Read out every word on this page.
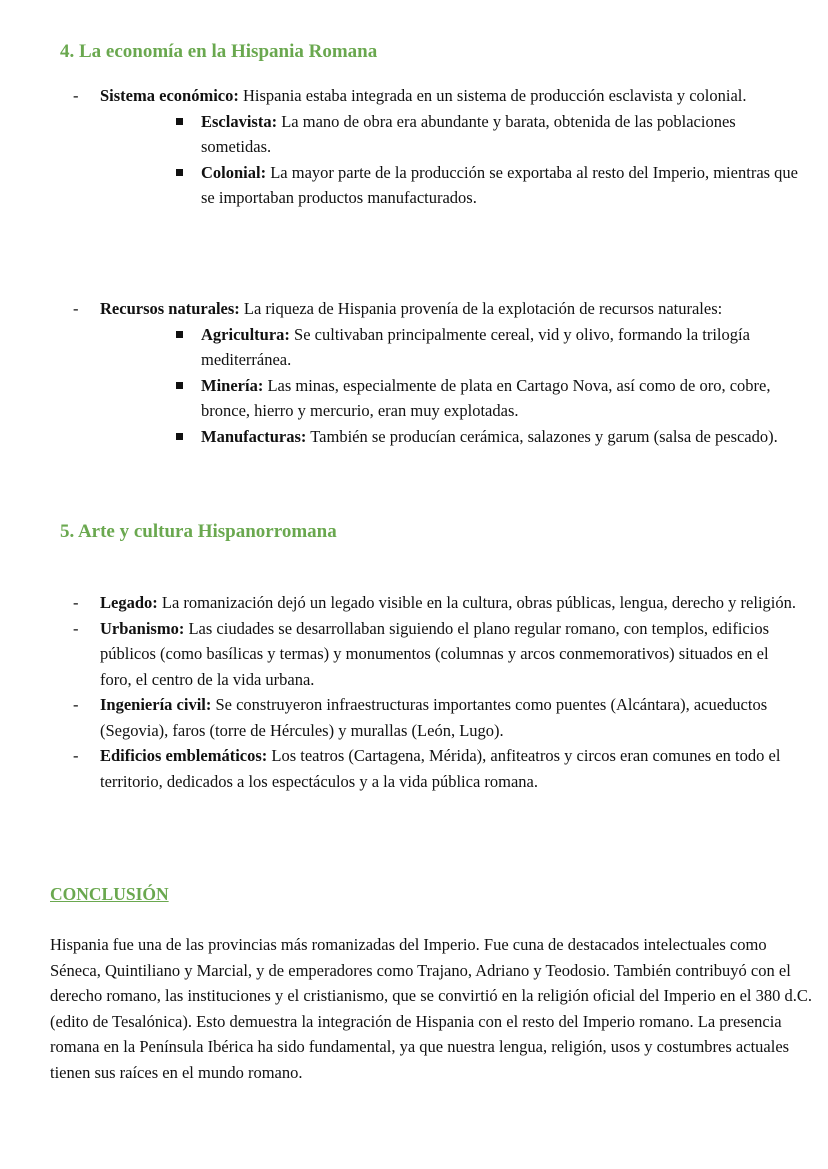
4. La economía en la Hispania Romana
- Sistema económico: Hispania estaba integrada en un sistema de producción esclavista y colonial.
Esclavista: La mano de obra era abundante y barata, obtenida de las poblaciones sometidas.
Colonial: La mayor parte de la producción se exportaba al resto del Imperio, mientras que se importaban productos manufacturados.
- Recursos naturales: La riqueza de Hispania provenía de la explotación de recursos naturales:
Agricultura: Se cultivaban principalmente cereal, vid y olivo, formando la trilogía mediterránea.
Minería: Las minas, especialmente de plata en Cartago Nova, así como de oro, cobre, bronce, hierro y mercurio, eran muy explotadas.
Manufacturas: También se producían cerámica, salazones y garum (salsa de pescado).
5. Arte y cultura Hispanorromana
- Legado: La romanización dejó un legado visible en la cultura, obras públicas, lengua, derecho y religión.
- Urbanismo: Las ciudades se desarrollaban siguiendo el plano regular romano, con templos, edificios públicos (como basílicas y termas) y monumentos (columnas y arcos conmemorativos) situados en el foro, el centro de la vida urbana.
- Ingeniería civil: Se construyeron infraestructuras importantes como puentes (Alcántara), acueductos (Segovia), faros (torre de Hércules) y murallas (León, Lugo).
- Edificios emblemáticos: Los teatros (Cartagena, Mérida), anfiteatros y circos eran comunes en todo el territorio, dedicados a los espectáculos y a la vida pública romana.
CONCLUSIÓN

Hispania fue una de las provincias más romanizadas del Imperio. Fue cuna de destacados intelectuales como Séneca, Quintiliano y Marcial, y de emperadores como Trajano, Adriano y Teodosio. También contribuyó con el derecho romano, las instituciones y el cristianismo, que se convirtió en la religión oficial del Imperio en el 380 d.C. (edito de Tesalónica). Esto demuestra la integración de Hispania con el resto del Imperio romano. La presencia romana en la Península Ibérica ha sido fundamental, ya que nuestra lengua, religión, usos y costumbres actuales tienen sus raíces en el mundo romano.
